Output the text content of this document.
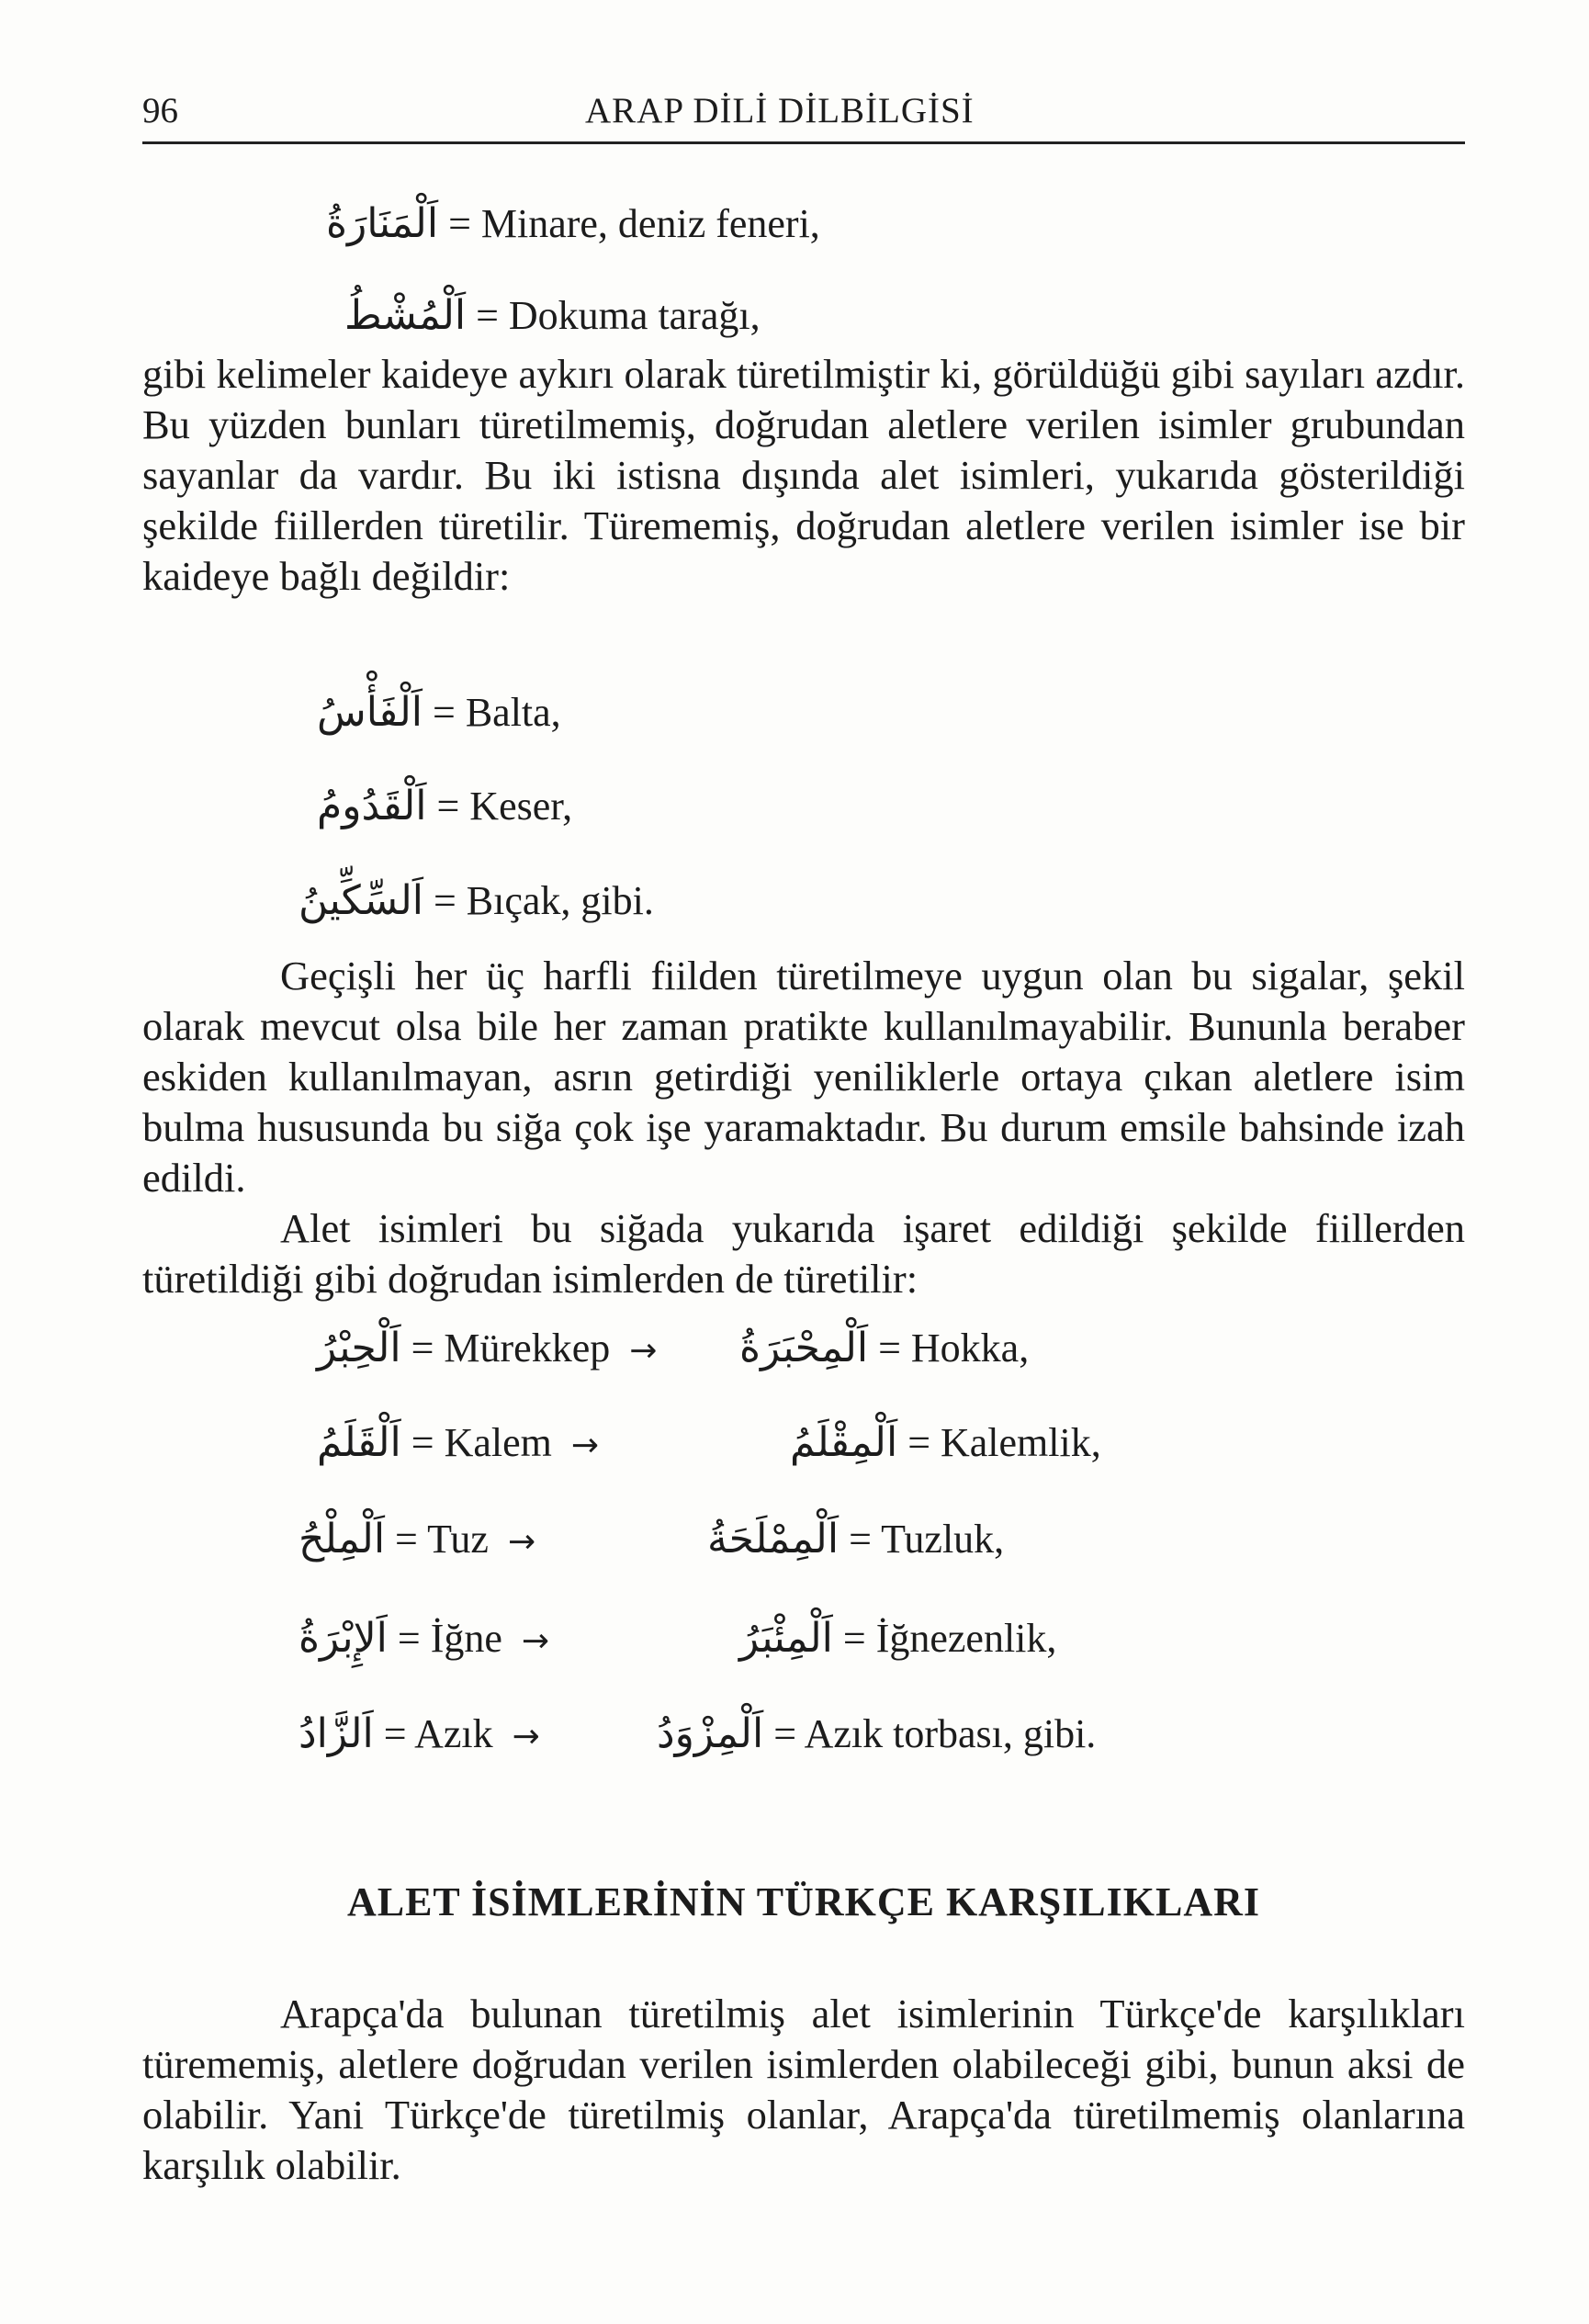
96	ARAP DİLİ DİLBİLGİSİ
اَلْمَنَارَةُ = Minare, deniz feneri,
اَلْمُشْطُ = Dokuma tarağı,

gibi kelimeler kaideye aykırı olarak türetilmiştir ki, görüldüğü gibi sayıları azdır. Bu yüzden bunları türetilmemiş, doğrudan aletlere verilen isimler grubundan sayanlar da vardır. Bu iki istisna dışında alet isimleri, yukarıda gösterildiği şekilde fiillerden türetilir. Türememiş, doğrudan aletlere verilen isimler ise bir kaideye bağlı değildir:

اَلْفَأْسُ = Balta,
اَلْقَدُومُ = Keser,
اَلسِّكِّينُ = Bıçak, gibi.

Geçişli her üç harfli fiilden türetilmeye uygun olan bu sigalar, şekil olarak mevcut olsa bile her zaman pratikte kullanılmayabilir. Bununla beraber eskiden kullanılmayan, asrın getirdiği yeniliklerle ortaya çıkan aletlere isim bulma hususunda bu siğa çok işe yaramaktadır. Bu durum emsile bahsinde izah edildi.

Alet isimleri bu siğada yukarıda işaret edildiği şekilde fiillerden türetildiği gibi doğrudan isimlerden de türetilir:

اَلْحِبْرُ = Mürekkep → اَلْمِحْبَرَةُ = Hokka,
اَلْقَلَمُ = Kalem →	اَلْمِقْلَمُ = Kalemlik,
اَلْمِلْحُ = Tuz →	اَلْمِمْلَحَةُ = Tuzluk,
اَلإِبْرَةُ = İğne →	اَلْمِئْبَرُ = İğnezenlik,
اَلزَّادُ = Azık →	اَلْمِزْوَدُ = Azık torbası, gibi.
ALET İSİMLERİNİN TÜRKÇE KARŞILIKLARI

Arapça'da bulunan türetilmiş alet isimlerinin Türkçe'de karşılıkları türememiş, aletlere doğrudan verilen isimlerden olabileceği gibi, bunun aksi de olabilir. Yani Türkçe'de türetilmiş olanlar, Arapça'da türetilmemiş olanlarına karşılık olabilir.
